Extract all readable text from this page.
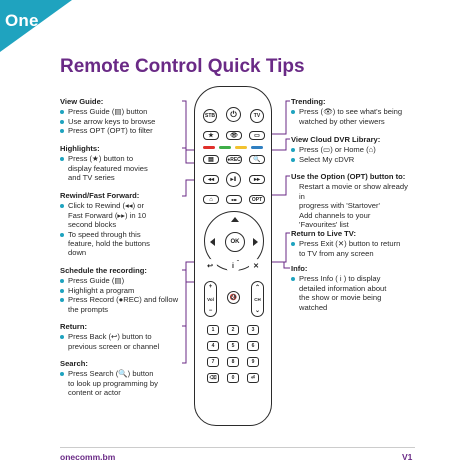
One
Remote Control Quick Tips
View Guide:
Press Guide (▤) button
Use arrow keys to browse
Press OPT (OPT) to filter
Highlights:
Press (★) button to
display featured movies
and TV series
Rewind/Fast Forward:
Click to Rewind (◂◂) or
Fast Forward (▸▸) in 10
second blocks
To speed through this
feature, hold the buttons
down
Schedule the recording:
Press Guide (▤)
Highlight a program
Press Record (●REC) and follow
the prompts
Return:
Press Back (↩) button to
previous screen or channel
Search:
Press Search (🔍) button
to look up programming by
content or actor
Trending:
Press (👁) to see what's being
watched by other viewers
View Cloud DVR Library:
Press (▭) or Home (⌂)
Select My cDVR
Use the Option (OPT) button to:
Restart a movie or show already in
progress with 'Startover'
Add channels to your
'Favourites' list
Return to Live TV:
Press Exit (✕) button to return
to TV from any screen
Info:
Press Info ( i ) to display
detailed information about
the show or movie being
watched
STB	⏻	TV
★	👁	▭
▤	●REC	🔍
◂◂	▸‖	▸▸
⌂	◂◂▸	OPT
OK
↩	i	✕
+
Vol
−
🔇
⌃
CH
⌄
1	2	3
4	5	6
7	8	9
⌫	0	⏎
onecomm.bm	V1
